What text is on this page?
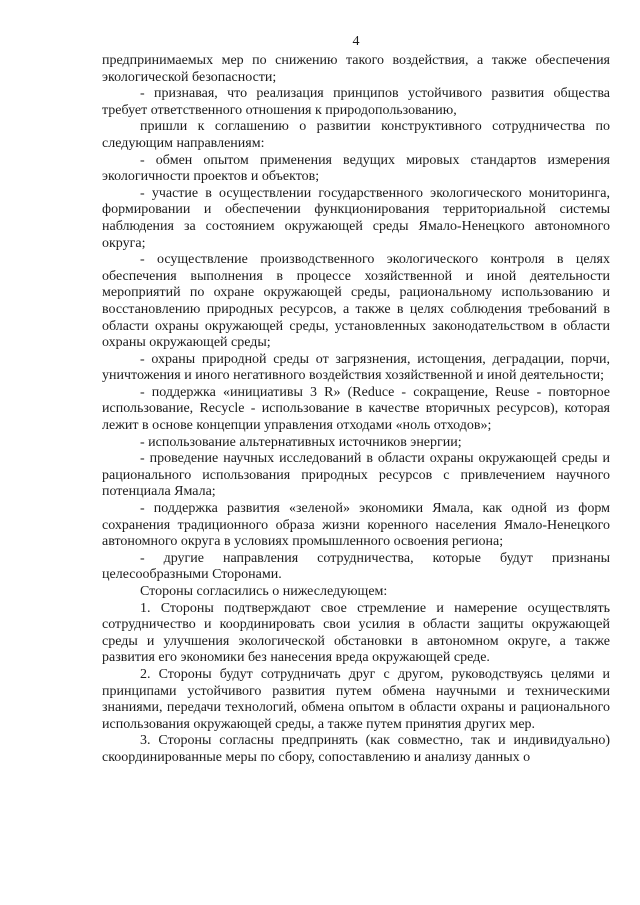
4

предпринимаемых мер по снижению такого воздействия, а также обеспечения экологической безопасности;

- признавая, что реализация принципов устойчивого развития общества требует ответственного отношения к природопользованию,

пришли к соглашению о развитии конструктивного сотрудничества по следующим направлениям:

- обмен опытом применения ведущих мировых стандартов измерения экологичности проектов и объектов;

- участие в осуществлении государственного экологического мониторинга, формировании и обеспечении функционирования территориальной системы наблюдения за состоянием окружающей среды Ямало-Ненецкого автономного округа;

- осуществление производственного экологического контроля в целях обеспечения выполнения в процессе хозяйственной и иной деятельности мероприятий по охране окружающей среды, рациональному использованию и восстановлению природных ресурсов, а также в целях соблюдения требований в области охраны окружающей среды, установленных законодательством в области охраны окружающей среды;

- охраны природной среды от загрязнения, истощения, деградации, порчи, уничтожения и иного негативного воздействия хозяйственной и иной деятельности;

- поддержка «инициативы 3 R» (Reduce - сокращение, Reuse - повторное использование, Recycle - использование в качестве вторичных ресурсов), которая лежит в основе концепции управления отходами «ноль отходов»;

- использование альтернативных источников энергии;

- проведение научных исследований в области охраны окружающей среды и рационального использования природных ресурсов с привлечением научного потенциала Ямала;

- поддержка развития «зеленой» экономики Ямала, как одной из форм сохранения традиционного образа жизни коренного населения Ямало-Ненецкого автономного округа в условиях промышленного освоения региона;

- другие направления сотрудничества, которые будут признаны целесообразными Сторонами.

Стороны согласились о нижеследующем:

1. Стороны подтверждают свое стремление и намерение осуществлять сотрудничество и координировать свои усилия в области защиты окружающей среды и улучшения экологической обстановки в автономном округе, а также развития его экономики без нанесения вреда окружающей среде.

2. Стороны будут сотрудничать друг с другом, руководствуясь целями и принципами устойчивого развития путем обмена научными и техническими знаниями, передачи технологий, обмена опытом в области охраны и рационального использования окружающей среды, а также путем принятия других мер.

3. Стороны согласны предпринять (как совместно, так и индивидуально) скоординированные меры по сбору, сопоставлению и анализу данных о
